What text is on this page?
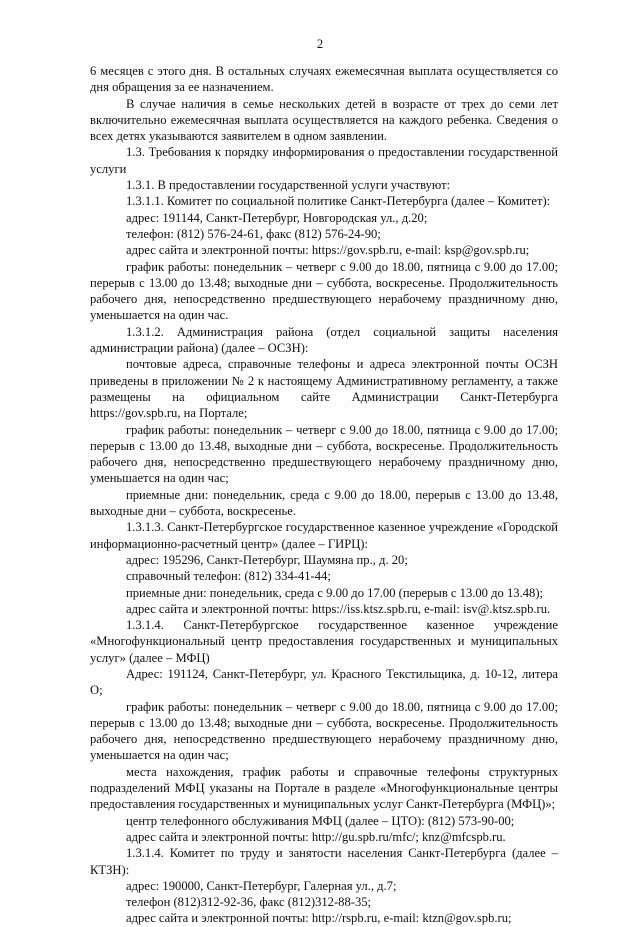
2

6 месяцев с этого дня. В остальных случаях ежемесячная выплата осуществляется со дня обращения за ее назначением.

В случае наличия в семье нескольких детей в возрасте от трех до семи лет включительно ежемесячная выплата осуществляется на каждого ребенка. Сведения о всех детях указываются заявителем в одном заявлении.

1.3. Требования к порядку информирования о предоставлении государственной услуги

1.3.1. В предоставлении государственной услуги участвуют:

1.3.1.1. Комитет по социальной политике Санкт-Петербурга (далее – Комитет):

адрес: 191144, Санкт-Петербург, Новгородская ул., д.20;

телефон: (812) 576-24-61, факс (812) 576-24-90;

адрес сайта и электронной почты: https://gov.spb.ru, e-mail: ksp@gov.spb.ru;

график работы: понедельник – четверг с 9.00 до 18.00, пятница с 9.00 до 17.00; перерыв с 13.00 до 13.48; выходные дни – суббота, воскресенье. Продолжительность рабочего дня, непосредственно предшествующего нерабочему праздничному дню, уменьшается на один час.

1.3.1.2. Администрация района (отдел социальной защиты населения администрации района) (далее – ОСЗН):

почтовые адреса, справочные телефоны и адреса электронной почты ОСЗН приведены в приложении № 2 к настоящему Административному регламенту, а также размещены на официальном сайте Администрации Санкт-Петербурга https://gov.spb.ru, на Портале;

график работы: понедельник – четверг с 9.00 до 18.00, пятница с 9.00 до 17.00; перерыв с 13.00 до 13.48, выходные дни – суббота, воскресенье. Продолжительность рабочего дня, непосредственно предшествующего нерабочему праздничному дню, уменьшается на один час;

приемные дни: понедельник, среда с 9.00 до 18.00, перерыв с 13.00 до 13.48, выходные дни – суббота, воскресенье.

1.3.1.3. Санкт-Петербургское государственное казенное учреждение «Городской информационно-расчетный центр» (далее – ГИРЦ):

адрес: 195296, Санкт-Петербург, Шаумяна пр., д. 20;

справочный телефон: (812) 334-41-44;

приемные дни: понедельник, среда с 9.00 до 17.00 (перерыв с 13.00 до 13.48);

адрес сайта и электронной почты: https://iss.ktsz.spb.ru, e-mail: isv@.ktsz.spb.ru.

1.3.1.4. Санкт-Петербургское государственное казенное учреждение «Многофункциональный центр предоставления государственных и муниципальных услуг» (далее – МФЦ)

Адрес: 191124, Санкт-Петербург, ул. Красного Текстильщика, д. 10-12, литера О;

график работы: понедельник – четверг с 9.00 до 18.00, пятница с 9.00 до 17.00; перерыв с 13.00 до 13.48; выходные дни – суббота, воскресенье. Продолжительность рабочего дня, непосредственно предшествующего нерабочему праздничному дню, уменьшается на один час;

места нахождения, график работы и справочные телефоны структурных подразделений МФЦ указаны на Портале в разделе «Многофункциональные центры предоставления государственных и муниципальных услуг Санкт-Петербурга (МФЦ)»;

центр телефонного обслуживания МФЦ (далее – ЦТО): (812) 573-90-00;

адрес сайта и электронной почты: http://gu.spb.ru/mfc/; knz@mfcspb.ru.

1.3.1.4. Комитет по труду и занятости населения Санкт-Петербурга (далее – КТЗН):

адрес: 190000, Санкт-Петербург, Галерная ул., д.7;

телефон (812)312-92-36, факс (812)312-88-35;

адрес сайта и электронной почты: http://rspb.ru, e-mail: ktzn@gov.spb.ru;
